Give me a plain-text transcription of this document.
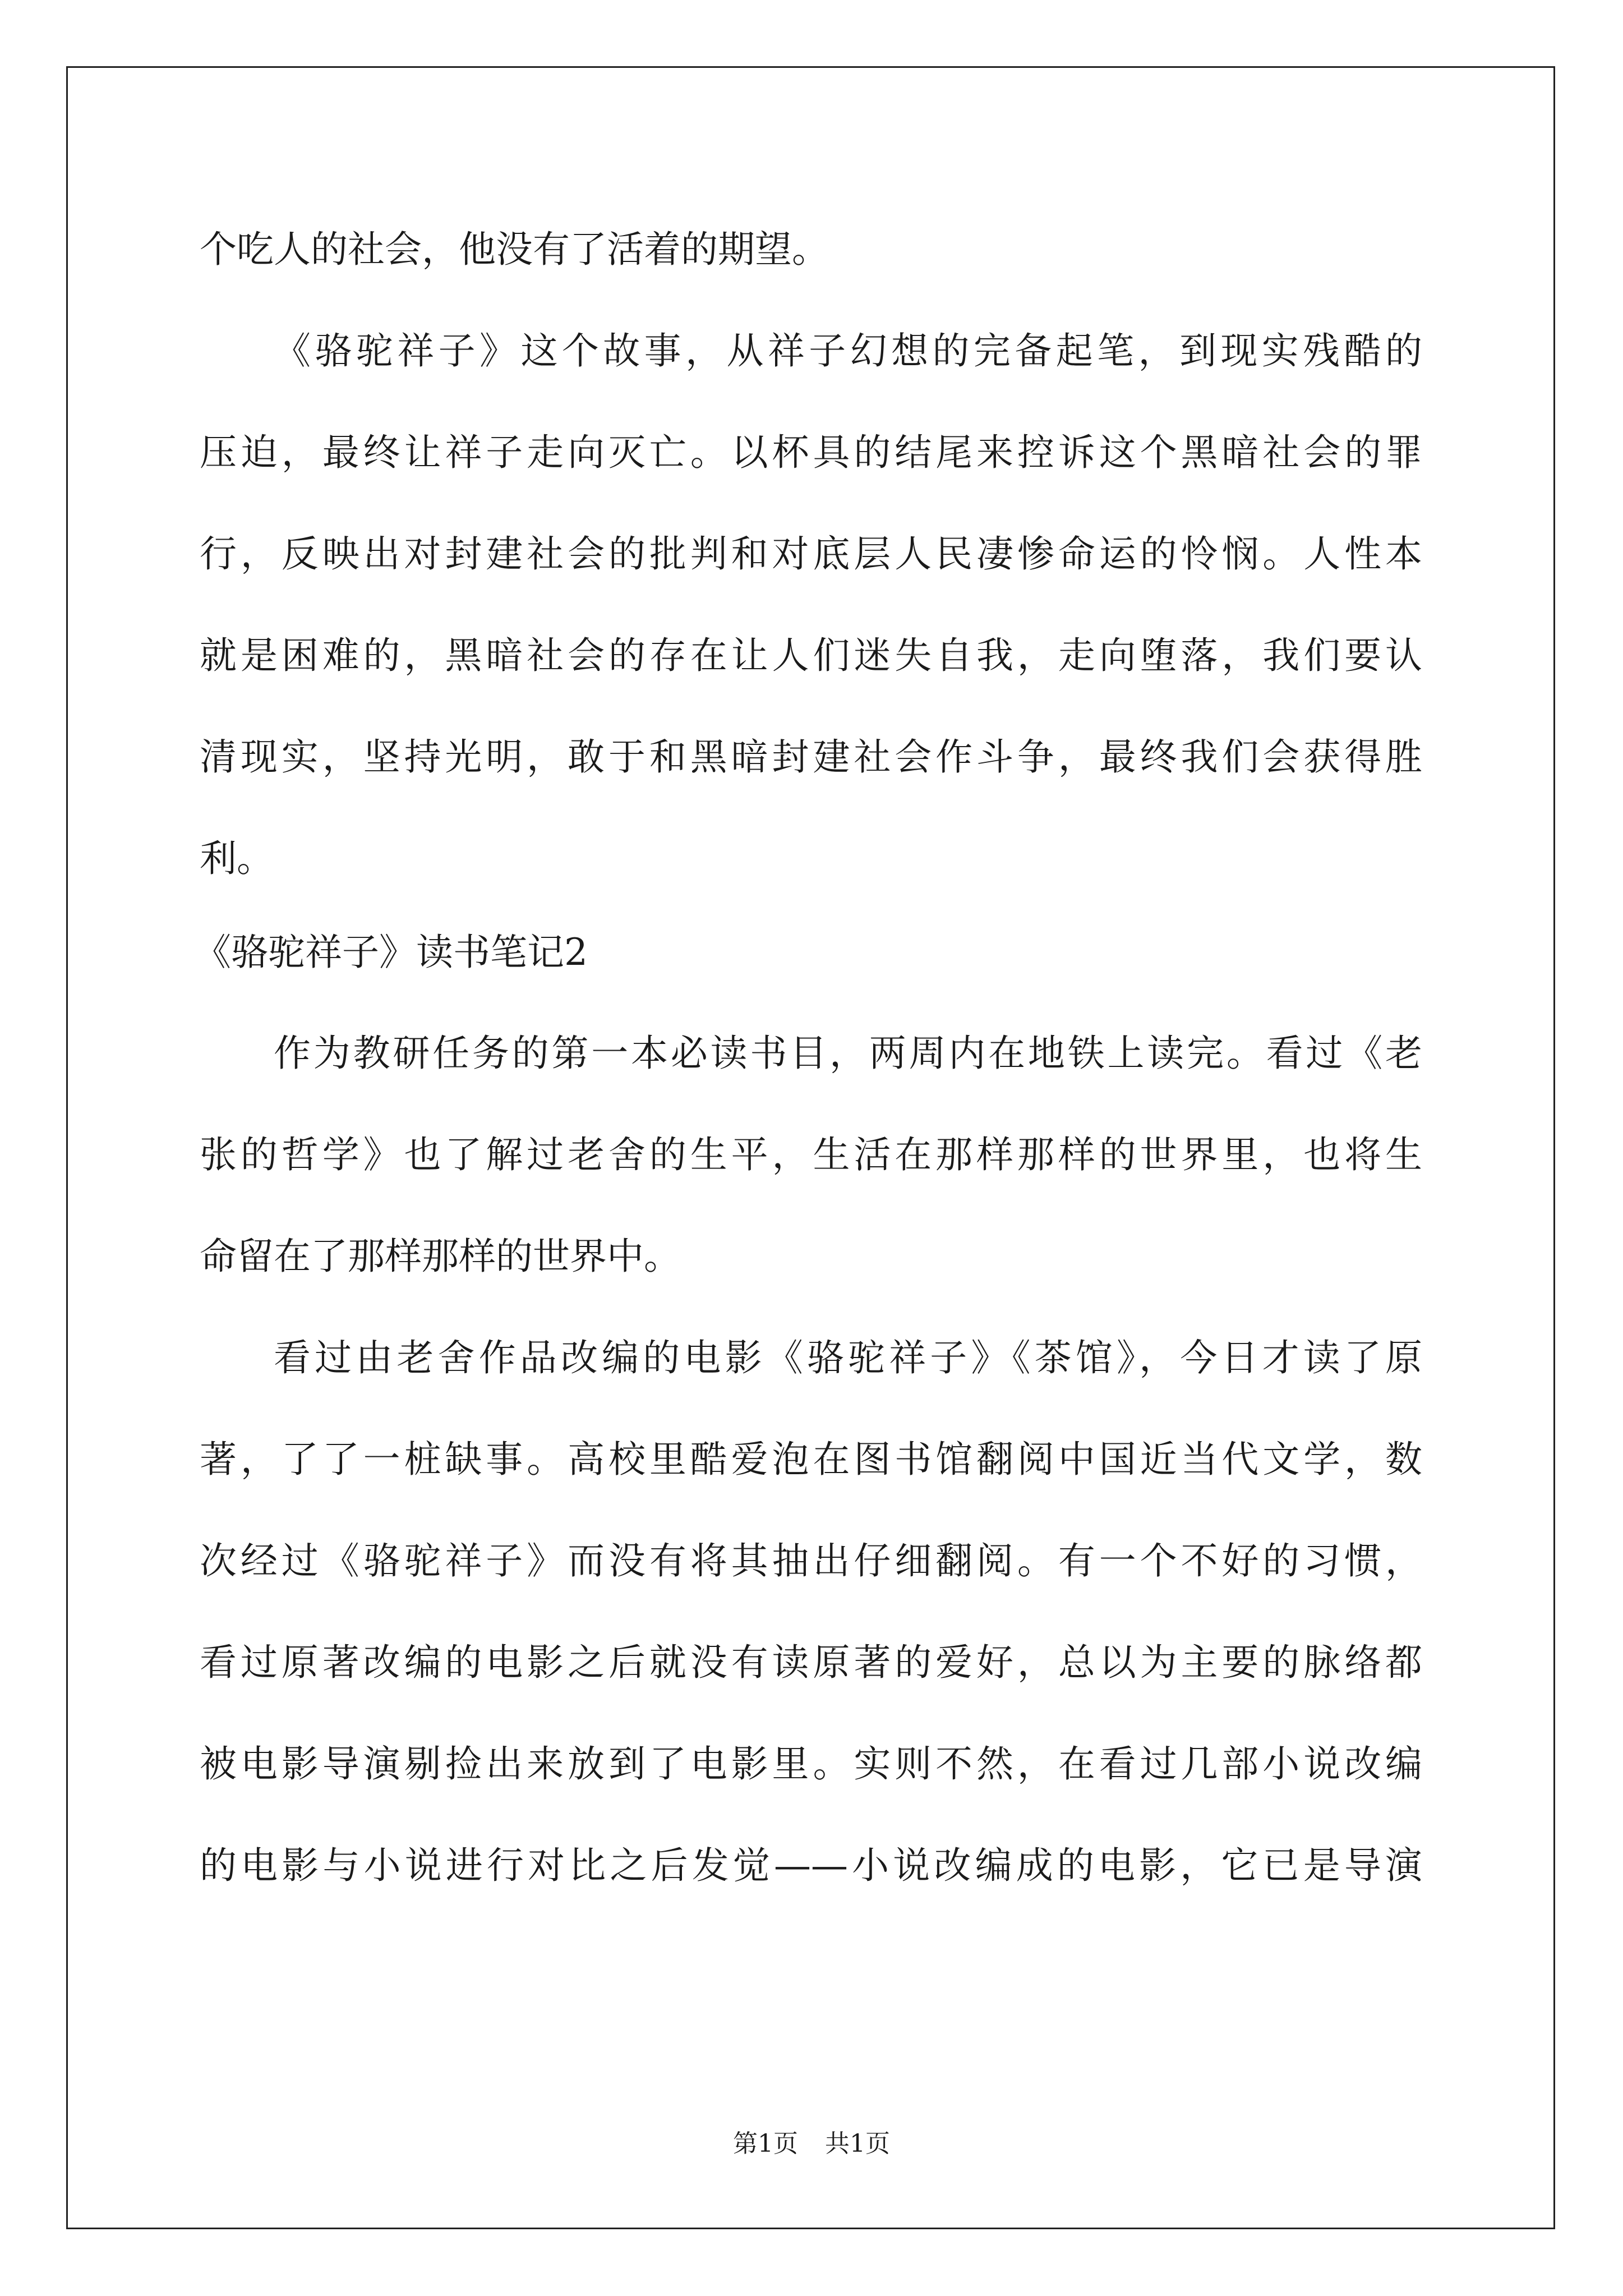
个吃人的社会，他没有了活着的期望。
《骆驼祥子》这个故事，从祥子幻想的完备起笔，到现实残酷的
压迫，最终让祥子走向灭亡。以杯具的结尾来控诉这个黑暗社会的罪
行，反映出对封建社会的批判和对底层人民凄惨命运的怜悯。人性本
就是困难的，黑暗社会的存在让人们迷失自我，走向堕落，我们要认
清现实，坚持光明，敢于和黑暗封建社会作斗争，最终我们会获得胜
利。
《骆驼祥子》读书笔记2
作为教研任务的第一本必读书目，两周内在地铁上读完。看过《老
张的哲学》也了解过老舍的生平，生活在那样那样的世界里，也将生
命留在了那样那样的世界中。
看过由老舍作品改编的电影《骆驼祥子》《茶馆》，今日才读了原
著，了了一桩缺事。高校里酷爱泡在图书馆翻阅中国近当代文学，数
次经过《骆驼祥子》而没有将其抽出仔细翻阅。有一个不好的习惯，
看过原著改编的电影之后就没有读原著的爱好，总以为主要的脉络都
被电影导演剔捡出来放到了电影里。实则不然，在看过几部小说改编
的电影与小说进行对比之后发觉——小说改编成的电影，它已是导演
第1页 共1页
